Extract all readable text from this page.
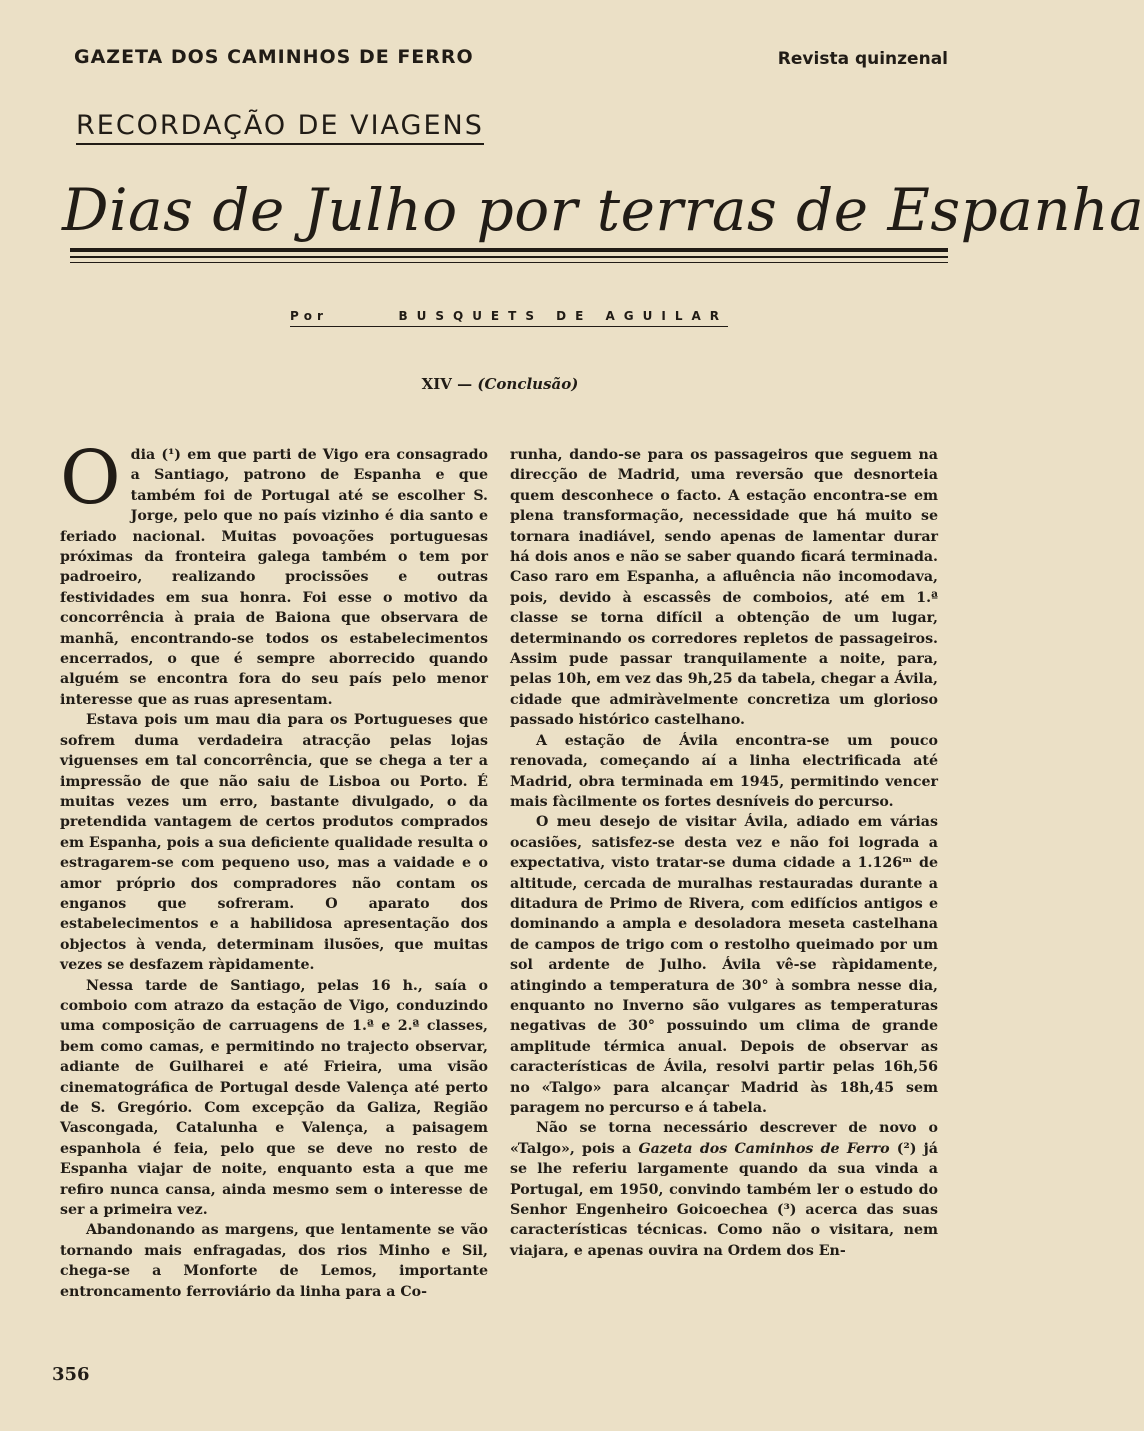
GAZETA DOS CAMINHOS DE FERRO	Revista quinzenal
RECORDAÇÃO DE VIAGENS
Dias de Julho por terras de Espanha
Por	BUSQUETS DE AGUILAR
XIV — (Conclusão)

Odia (¹) em que parti de Vigo era consagrado a Santiago, patrono de Espanha e que também foi de Portugal até se escolher S. Jorge, pelo que no país vizinho é dia santo e feriado nacional. Muitas povoações portuguesas próximas da fronteira galega também o tem por padroeiro, realizando procissões e outras festividades em sua honra. Foi esse o motivo da concorrência à praia de Baiona que observara de manhã, encontrando-se todos os estabelecimentos encerrados, o que é sempre aborrecido quando alguém se encontra fora do seu país pelo menor interesse que as ruas apresentam.

Estava pois um mau dia para os Portugueses que sofrem duma verdadeira atracção pelas lojas viguenses em tal concorrência, que se chega a ter a impressão de que não saiu de Lisboa ou Porto. É muitas vezes um erro, bastante divulgado, o da pretendida vantagem de certos produtos comprados em Espanha, pois a sua deficiente qualidade resulta o estragarem-se com pequeno uso, mas a vaidade e o amor próprio dos compradores não contam os enganos que sofreram. O aparato dos estabelecimentos e a habilidosa apresentação dos objectos à venda, determinam ilusões, que muitas vezes se desfazem ràpidamente.

Nessa tarde de Santiago, pelas 16 h., saía o comboio com atrazo da estação de Vigo, conduzindo uma composição de carruagens de 1.ª e 2.ª classes, bem como camas, e permitindo no trajecto observar, adiante de Guilharei e até Frieira, uma visão cinematográfica de Portugal desde Valença até perto de S. Gregório. Com excepção da Galiza, Região Vascongada, Catalunha e Valença, a paisagem espanhola é feia, pelo que se deve no resto de Espanha viajar de noite, enquanto esta a que me refiro nunca cansa, ainda mesmo sem o interesse de ser a primeira vez.

Abandonando as margens, que lentamente se vão tornando mais enfragadas, dos rios Minho e Sil, chega-se a Monforte de Lemos, importante entroncamento ferroviário da linha para a Co-

runha, dando-se para os passageiros que seguem na direcção de Madrid, uma reversão que desnorteia quem desconhece o facto. A estação encontra-se em plena transformação, necessidade que há muito se tornara inadiável, sendo apenas de lamentar durar há dois anos e não se saber quando ficará terminada. Caso raro em Espanha, a afluência não incomodava, pois, devido à escassês de comboios, até em 1.ª classe se torna difícil a obtenção de um lugar, determinando os corredores repletos de passageiros. Assim pude passar tranquilamente a noite, para, pelas 10h, em vez das 9h,25 da tabela, chegar a Ávila, cidade que admiràvelmente concretiza um glorioso passado histórico castelhano.

A estação de Ávila encontra-se um pouco renovada, começando aí a linha electrificada até Madrid, obra terminada em 1945, permitindo vencer mais fàcilmente os fortes desníveis do percurso.

O meu desejo de visitar Ávila, adiado em várias ocasiões, satisfez-se desta vez e não foi lograda a expectativa, visto tratar-se duma cidade a 1.126ᵐ de altitude, cercada de muralhas restauradas durante a ditadura de Primo de Rivera, com edifícios antigos e dominando a ampla e desoladora meseta castelhana de campos de trigo com o restolho queimado por um sol ardente de Julho. Ávila vê-se ràpidamente, atingindo a temperatura de 30° à sombra nesse dia, enquanto no Inverno são vulgares as temperaturas negativas de 30° possuindo um clima de grande amplitude térmica anual. Depois de observar as características de Ávila, resolvi partir pelas 16h,56 no «Talgo» para alcançar Madrid às 18h,45 sem paragem no percurso e á tabela.

Não se torna necessário descrever de novo o «Talgo», pois a Gazeta dos Caminhos de Ferro (²) já se lhe referiu largamente quando da sua vinda a Portugal, em 1950, convindo também ler o estudo do Senhor Engenheiro Goicoechea (³) acerca das suas características técnicas. Como não o visitara, nem viajara, e apenas ouvira na Ordem dos En-

356
